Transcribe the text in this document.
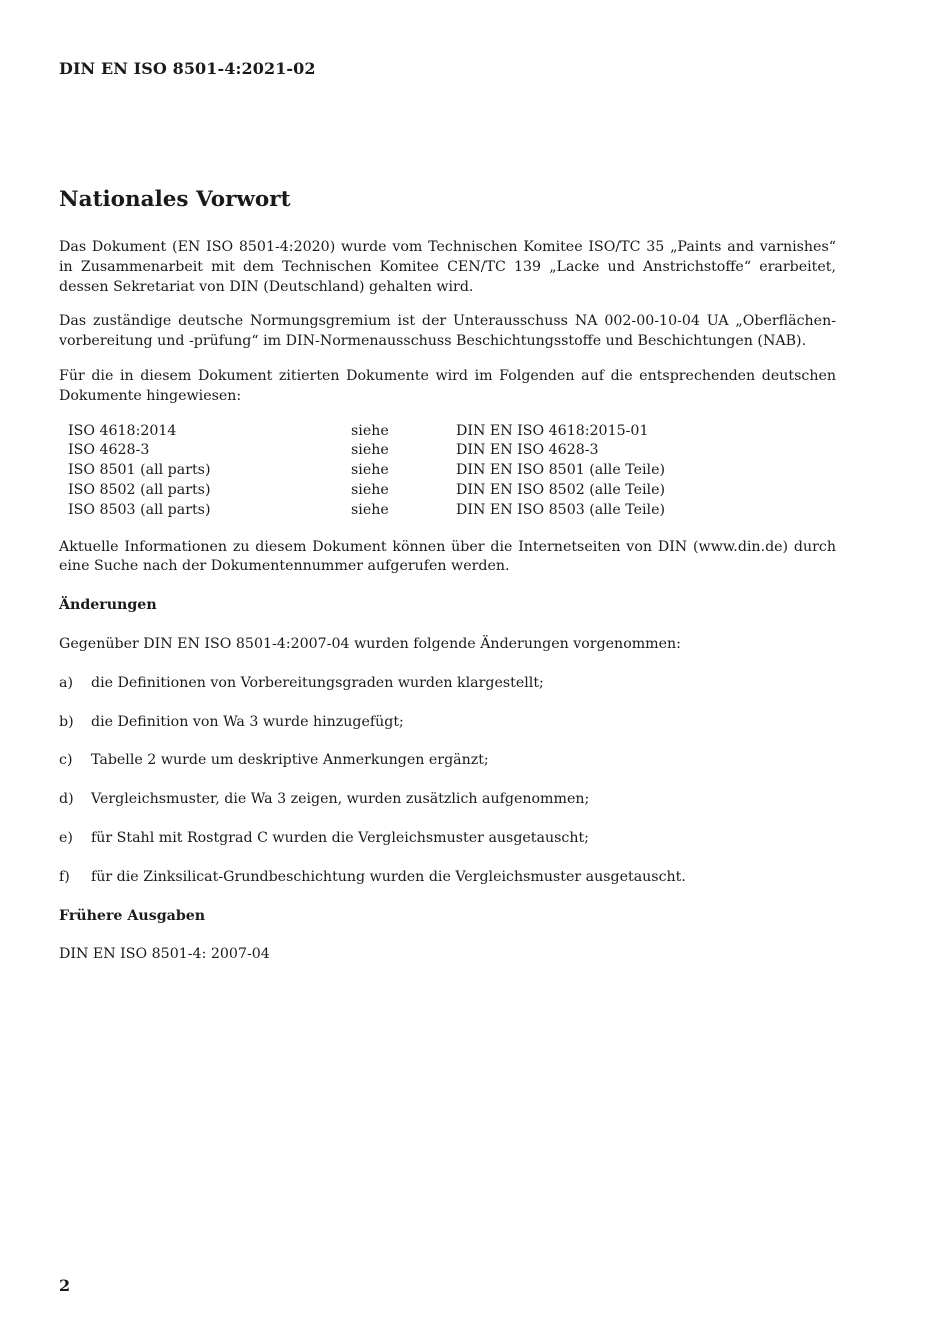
DIN EN ISO 8501-4:2021-02
Nationales Vorwort

Das Dokument (EN ISO 8501-4:2020) wurde vom Technischen Komitee ISO/TC 35 „Paints and varnishes“ in Zusammenarbeit mit dem Technischen Komitee CEN/TC 139 „Lacke und Anstrichstoffe“ erarbeitet, dessen Sekretariat von DIN (Deutschland) gehalten wird.

Das zuständige deutsche Normungsgremium ist der Unterausschuss NA 002-00-10-04 UA „Oberflächen-vorbereitung und -prüfung“ im DIN-Normenausschuss Beschichtungsstoffe und Beschichtungen (NAB).

Für die in diesem Dokument zitierten Dokumente wird im Folgenden auf die entsprechenden deutschen Dokumente hingewiesen:

ISO 4618:2014	siehe	DIN EN ISO 4618:2015-01
ISO 4628-3	siehe	DIN EN ISO 4628-3
ISO 8501 (all parts)	siehe	DIN EN ISO 8501 (alle Teile)
ISO 8502 (all parts)	siehe	DIN EN ISO 8502 (alle Teile)
ISO 8503 (all parts)	siehe	DIN EN ISO 8503 (alle Teile)

Aktuelle Informationen zu diesem Dokument können über die Internetseiten von DIN (www.din.de) durch eine Suche nach der Dokumentennummer aufgerufen werden.

Änderungen

Gegenüber DIN EN ISO 8501-4:2007-04 wurden folgende Änderungen vorgenommen:

a)	die Definitionen von Vorbereitungsgraden wurden klargestellt;
b)	die Definition von Wa 3 wurde hinzugefügt;
c)	Tabelle 2 wurde um deskriptive Anmerkungen ergänzt;
d)	Vergleichsmuster, die Wa 3 zeigen, wurden zusätzlich aufgenommen;
e)	für Stahl mit Rostgrad C wurden die Vergleichsmuster ausgetauscht;
f)	für die Zinksilicat-Grundbeschichtung wurden die Vergleichsmuster ausgetauscht.

Frühere Ausgaben

DIN EN ISO 8501-4: 2007-04

2
